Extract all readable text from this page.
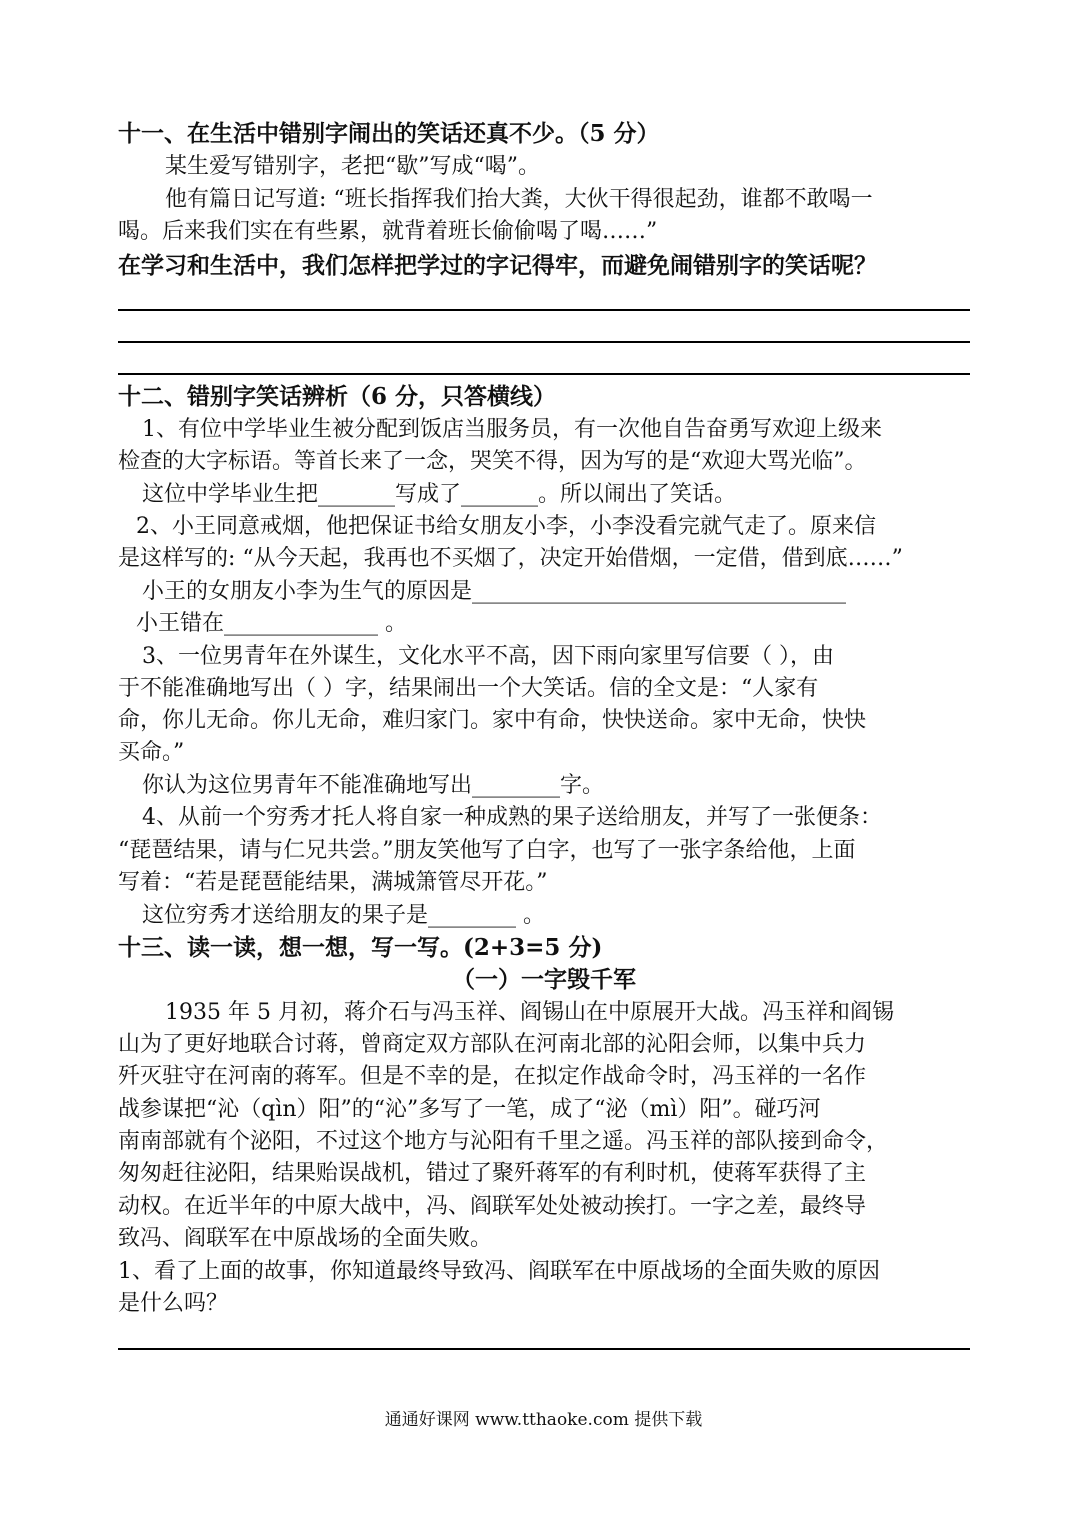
十一、在生活中错别字闹出的笑话还真不少。（5 分）
某生爱写错别字，老把“歇”写成“喝”。
他有篇日记写道: “班长指挥我们抬大粪，大伙干得很起劲，谁都不敢喝一
喝。后来我们实在有些累，就背着班长偷偷喝了喝……”
在学习和生活中，我们怎样把学过的字记得牢，而避免闹错别字的笑话呢？
十二、错别字笑话辨析（6 分，只答横线）
1、有位中学毕业生被分配到饭店当服务员，有一次他自告奋勇写欢迎上级来
检查的大字标语。等首长来了一念，哭笑不得，因为写的是“欢迎大骂光临”。
这位中学毕业生把_______写成了_______。所以闹出了笑话。
2、小王同意戒烟，他把保证书给女朋友小李，小李没看完就气走了。原来信
是这样写的: “从今天起，我再也不买烟了，决定开始借烟，一定借，借到底……”
小王的女朋友小李为生气的原因是__________________________________
小王错在______________ 。
3、一位男青年在外谋生，文化水平不高，因下雨向家里写信要（ ），由
于不能准确地写出（ ）字，结果闹出一个大笑话。信的全文是：“人家有
命，你儿无命。你儿无命，难归家门。家中有命，快快送命。家中无命，快快
买命。”
你认为这位男青年不能准确地写出________字。
4、从前一个穷秀才托人将自家一种成熟的果子送给朋友，并写了一张便条：
“琵琶结果，请与仁兄共尝。”朋友笑他写了白字，也写了一张字条给他，上面
写着：“若是琵琶能结果，满城箫管尽开花。”
这位穷秀才送给朋友的果子是________ 。
十三、读一读，想一想，写一写。(2+3=5 分)
（一）一字毁千军
1935 年 5 月初，蒋介石与冯玉祥、阎锡山在中原展开大战。冯玉祥和阎锡
山为了更好地联合讨蒋，曾商定双方部队在河南北部的沁阳会师，以集中兵力
歼灭驻守在河南的蒋军。但是不幸的是，在拟定作战命令时，冯玉祥的一名作
战参谋把“沁（qìn）阳”的“沁”多写了一笔，成了“泌（mì）阳”。碰巧河
南南部就有个泌阳，不过这个地方与沁阳有千里之遥。冯玉祥的部队接到命令，
匆匆赶往泌阳，结果贻误战机，错过了聚歼蒋军的有利时机，使蒋军获得了主
动权。在近半年的中原大战中，冯、阎联军处处被动挨打。一字之差，最终导
致冯、阎联军在中原战场的全面失败。
1、看了上面的故事，你知道最终导致冯、阎联军在中原战场的全面失败的原因
是什么吗？
通通好课网 www.tthaoke.com 提供下载
